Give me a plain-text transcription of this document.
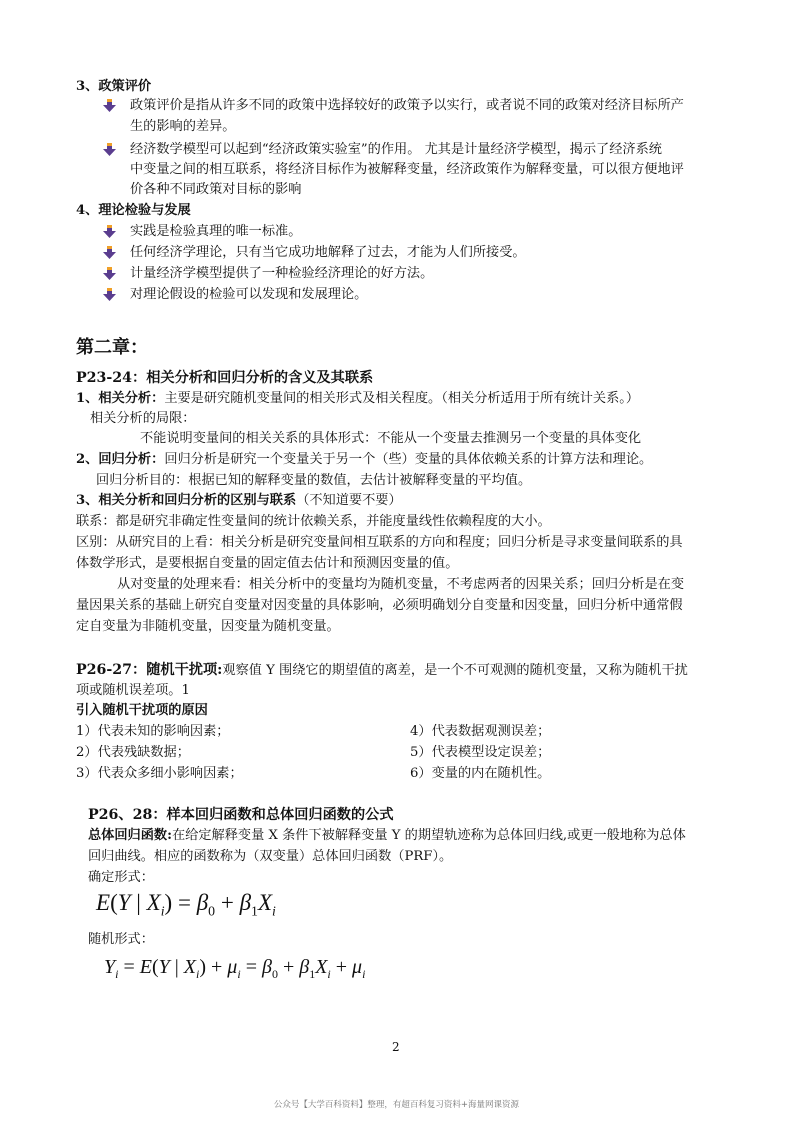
3、政策评价
政策评价是指从许多不同的政策中选择较好的政策予以实行，或者说不同的政策对经济目标所产
生的影响的差异。
经济数学模型可以起到“经济政策实验室”的作用。 尤其是计量经济学模型，揭示了经济系统
中变量之间的相互联系，将经济目标作为被解释变量，经济政策作为解释变量，可以很方便地评
价各种不同政策对目标的影响
4、理论检验与发展
实践是检验真理的唯一标准。
任何经济学理论，只有当它成功地解释了过去，才能为人们所接受。
计量经济学模型提供了一种检验经济理论的好方法。
对理论假设的检验可以发现和发展理论。
第二章：
P23-24：相关分析和回归分析的含义及其联系
1、相关分析：主要是研究随机变量间的相关形式及相关程度。（相关分析适用于所有统计关系。）
相关分析的局限：
不能说明变量间的相关关系的具体形式：不能从一个变量去推测另一个变量的具体变化
2、回归分析：回归分析是研究一个变量关于另一个（些）变量的具体依赖关系的计算方法和理论。
回归分析目的：根据已知的解释变量的数值，去估计被解释变量的平均值。
3、相关分析和回归分析的区别与联系（不知道要不要）
联系：都是研究非确定性变量间的统计依赖关系，并能度量线性依赖程度的大小。
区别：从研究目的上看：相关分析是研究变量间相互联系的方向和程度；回归分析是寻求变量间联系的具
体数学形式，是要根据自变量的固定值去估计和预测因变量的值。
从对变量的处理来看：相关分析中的变量均为随机变量，不考虑两者的因果关系；回归分析是在变
量因果关系的基础上研究自变量对因变量的具体影响，必须明确划分自变量和因变量，回归分析中通常假
定自变量为非随机变量，因变量为随机变量。
P26-27：随机干扰项:观察值 Y 围绕它的期望值的离差，是一个不可观测的随机变量，又称为随机干扰
项或随机误差项。1
引入随机干扰项的原因
1）代表未知的影响因素；
2）代表残缺数据；
3）代表众多细小影响因素；
4）代表数据观测误差；
5）代表模型设定误差；
6）变量的内在随机性。
P26、28：样本回归函数和总体回归函数的公式
总体回归函数:在给定解释变量 X 条件下被解释变量 Y 的期望轨迹称为总体回归线,或更一般地称为总体
回归曲线。相应的函数称为（双变量）总体回归函数（PRF）。
确定形式：
E(Y | $X_i) = \beta_0 + \beta_1X_i$
随机形式：
$Y_i = E(Y$ | $X_i) + \mu_i = \beta_0 + \beta_1X_i + \mu_i$
2
公众号【大学百科资料】整理，有超百科复习资料+海量网课资源
